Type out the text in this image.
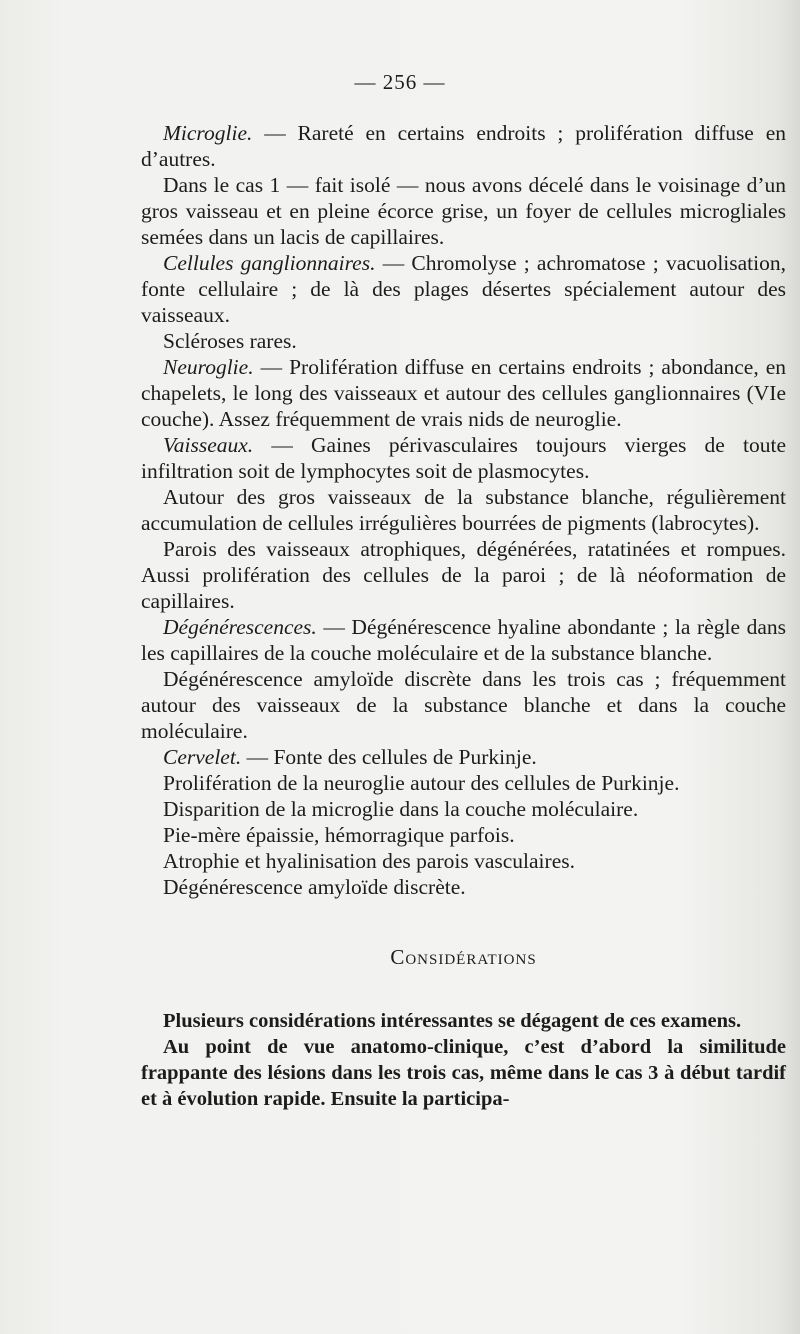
— 256 —

Microglie. — Rareté en certains endroits ; prolifération diffuse en d’autres.

Dans le cas 1 — fait isolé — nous avons décelé dans le voisinage d’un gros vaisseau et en pleine écorce grise, un foyer de cellules microgliales semées dans un lacis de capillaires.

Cellules ganglionnaires. — Chromolyse ; achromatose ; vacuolisation, fonte cellulaire ; de là des plages désertes spécialement autour des vaisseaux.

Scléroses rares.

Neuroglie. — Prolifération diffuse en certains endroits ; abondance, en chapelets, le long des vaisseaux et autour des cellules ganglionnaires (VIe couche). Assez fréquemment de vrais nids de neuroglie.

Vaisseaux. — Gaines périvasculaires toujours vierges de toute infiltration soit de lymphocytes soit de plasmocytes.

Autour des gros vaisseaux de la substance blanche, régulièrement accumulation de cellules irrégulières bourrées de pigments (labrocytes).

Parois des vaisseaux atrophiques, dégénérées, ratatinées et rompues. Aussi prolifération des cellules de la paroi ; de là néoformation de capillaires.

Dégénérescences. — Dégénérescence hyaline abondante ; la règle dans les capillaires de la couche moléculaire et de la substance blanche.

Dégénérescence amyloïde discrète dans les trois cas ; fréquemment autour des vaisseaux de la substance blanche et dans la couche moléculaire.

Cervelet. — Fonte des cellules de Purkinje.

Prolifération de la neuroglie autour des cellules de Purkinje.

Disparition de la microglie dans la couche moléculaire.

Pie-mère épaissie, hémorragique parfois.

Atrophie et hyalinisation des parois vasculaires.

Dégénérescence amyloïde discrète.

Considérations

Plusieurs considérations intéressantes se dégagent de ces examens.

Au point de vue anatomo-clinique, c’est d’abord la similitude frappante des lésions dans les trois cas, même dans le cas 3 à début tardif et à évolution rapide. Ensuite la participa-
